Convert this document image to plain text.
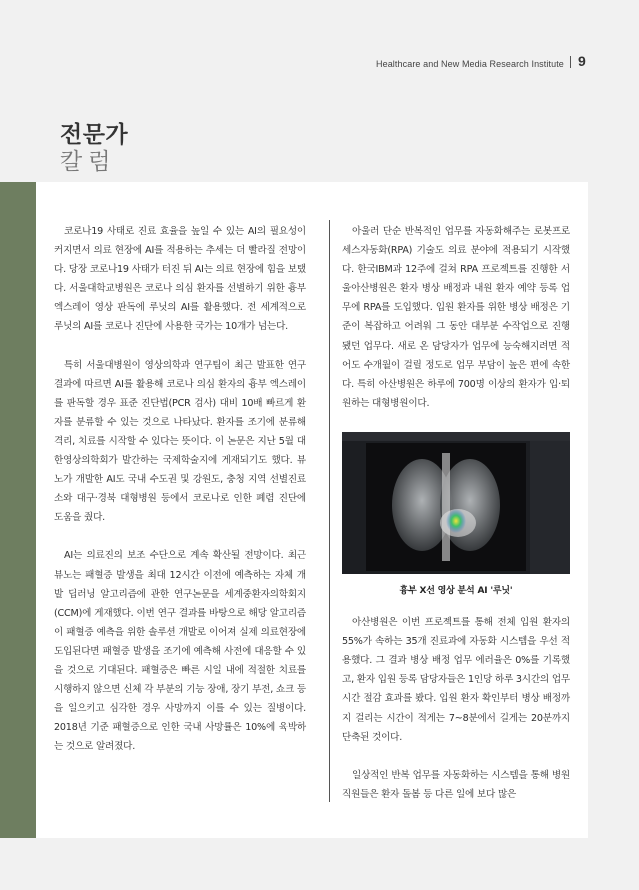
Healthcare and New Media Research Institute 9
전문가
칼럼

코로나19 사태로 진료 효율을 높일 수 있는 AI의 필요성이 커지면서 의료 현장에 AI를 적용하는 추세는 더 빨라질 전망이다. 당장 코로나19 사태가 터진 뒤 AI는 의료 현장에 힘을 보탰다. 서울대학교병원은 코로나 의심 환자를 선별하기 위한 흉부 엑스레이 영상 판독에 루닛의 AI를 활용했다. 전 세계적으로 루닛의 AI를 코로나 진단에 사용한 국가는 10개가 넘는다.

특히 서울대병원이 영상의학과 연구팀이 최근 발표한 연구 결과에 따르면 AI를 활용해 코로나 의심 환자의 흉부 엑스레이를 판독할 경우 표준 진단법(PCR 검사) 대비 10배 빠르게 환자를 분류할 수 있는 것으로 나타났다. 환자를 조기에 분류해 격리, 치료를 시작할 수 있다는 뜻이다. 이 논문은 지난 5월 대한영상의학회가 발간하는 국제학술지에 게재되기도 했다. 뷰노가 개발한 AI도 국내 수도권 및 강원도, 충청 지역 선별진료소와 대구·경북 대형병원 등에서 코로나로 인한 폐렴 진단에 도움을 줬다.

AI는 의료진의 보조 수단으로 계속 확산될 전망이다. 최근 뷰노는 패혈증 발생을 최대 12시간 이전에 예측하는 자체 개발 딥러닝 알고리즘에 관한 연구논문을 세계중환자의학회지(CCM)에 게재했다. 이번 연구 결과를 바탕으로 해당 알고리즘이 패혈증 예측을 위한 솔루션 개발로 이어져 실제 의료현장에 도입된다면 패혈증 발생을 조기에 예측해 사전에 대응할 수 있을 것으로 기대된다. 패혈증은 빠른 시일 내에 적절한 치료를 시행하지 않으면 신체 각 부분의 기능 장애, 장기 부전, 쇼크 등을 일으키고 심각한 경우 사망까지 이를 수 있는 질병이다. 2018년 기준 패혈증으로 인한 국내 사망률은 10%에 육박하는 것으로 알려졌다.

아울러 단순 반복적인 업무를 자동화해주는 로봇프로세스자동화(RPA) 기술도 의료 분야에 적용되기 시작했다. 한국IBM과 12주에 걸쳐 RPA 프로젝트를 진행한 서울아산병원은 환자 병상 배정과 내원 환자 예약 등록 업무에 RPA를 도입했다. 입원 환자를 위한 병상 배정은 기준이 복잡하고 어려워 그 동안 대부분 수작업으로 진행됐던 업무다. 새로 온 담당자가 업무에 능숙해지려면 적어도 수개월이 걸릴 정도로 업무 부담이 높은 편에 속한다. 특히 아산병원은 하루에 700명 이상의 환자가 입·퇴원하는 대형병원이다.

흉부 X선 영상 분석 AI '루닛'

아산병원은 이번 프로젝트를 통해 전체 입원 환자의 55%가 속하는 35개 진료과에 자동화 시스템을 우선 적용했다. 그 결과 병상 배정 업무 에러율은 0%를 기록했고, 환자 입원 등록 담당자들은 1인당 하루 3시간의 업무시간 절감 효과를 봤다. 입원 환자 확인부터 병상 배정까지 걸리는 시간이 적게는 7~8분에서 길게는 20분까지 단축된 것이다.

일상적인 반복 업무를 자동화하는 시스템을 통해 병원 직원들은 환자 돌봄 등 다른 일에 보다 많은
